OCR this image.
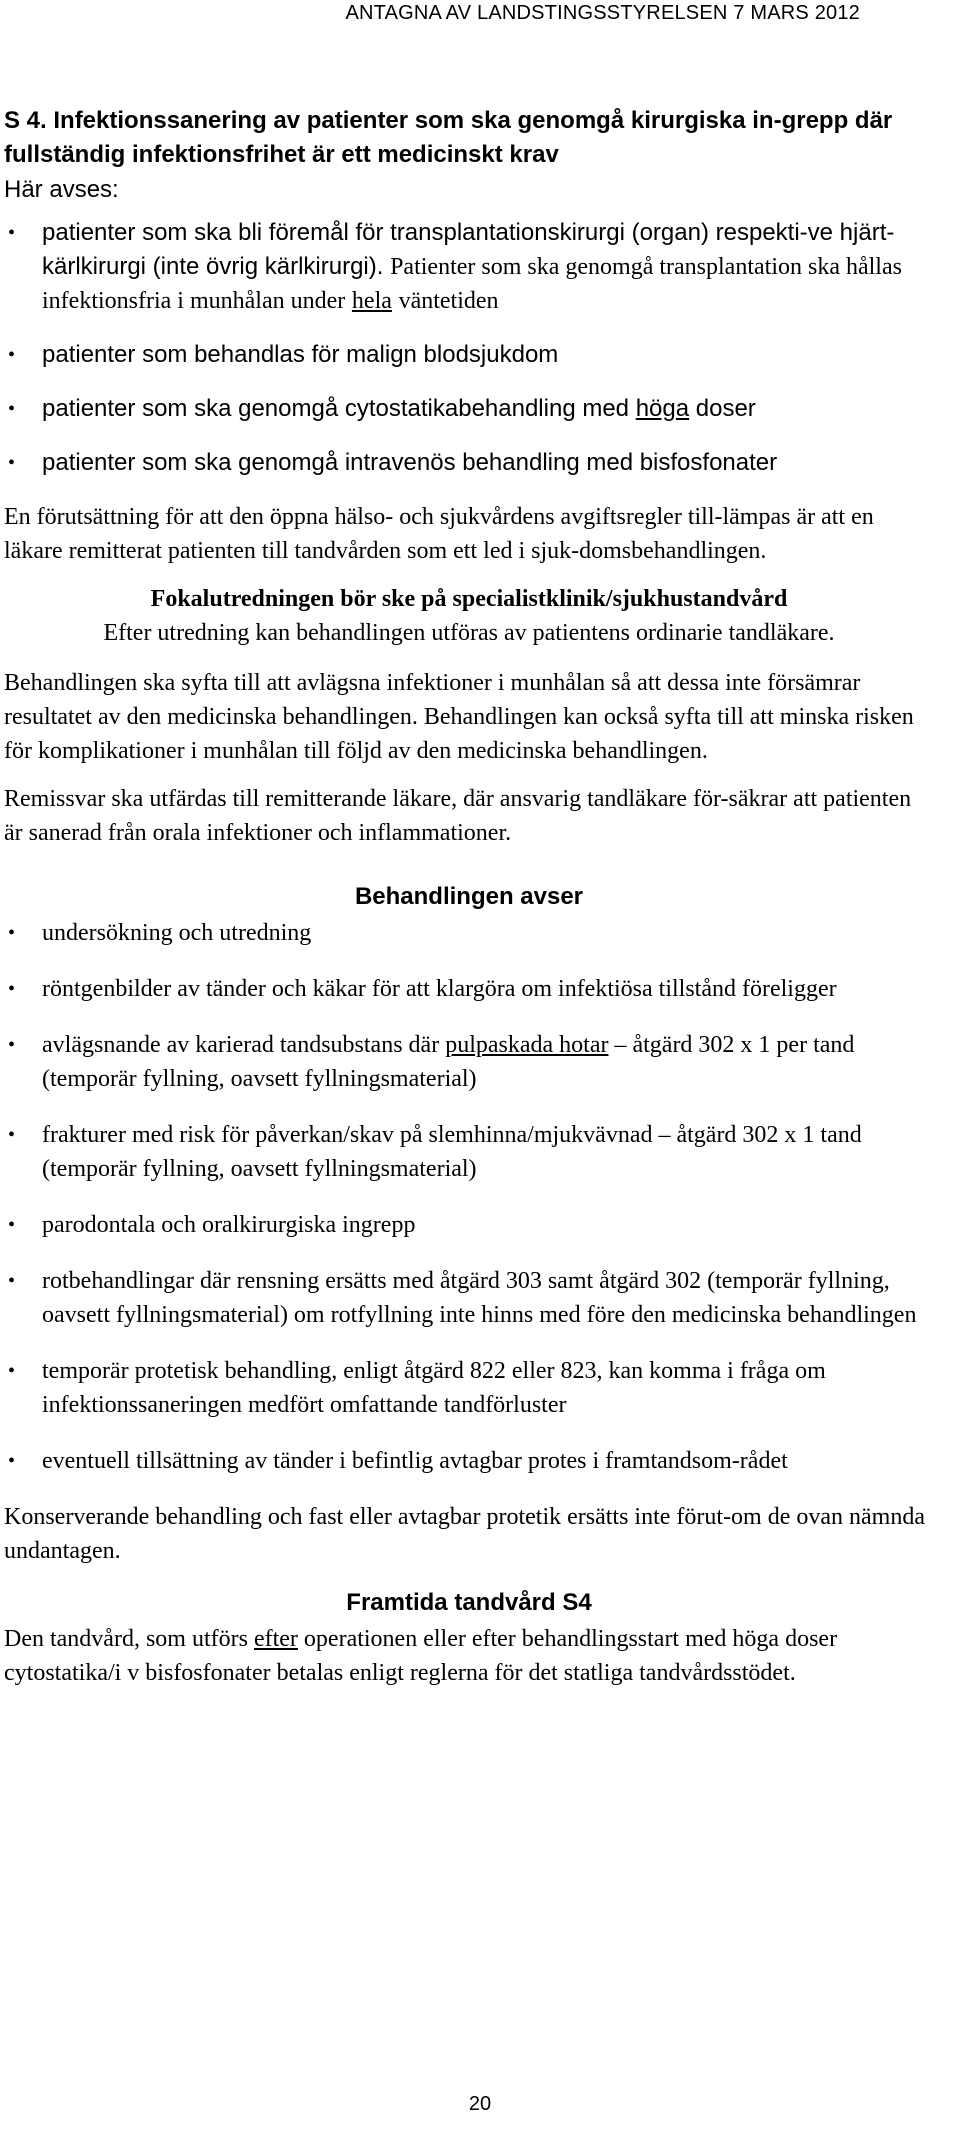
ANTAGNA AV LANDSTINGSSTYRELSEN 7 MARS 2012
S 4. Infektionssanering av patienter som ska genomgå kirurgiska in-grepp där fullständig infektionsfrihet är ett medicinskt krav

Här avses:

• patienter som ska bli föremål för transplantationskirurgi (organ) respekti-ve hjärt-kärlkirurgi (inte övrig kärlkirurgi). Patienter som ska genomgå transplantation ska hållas infektionsfria i munhålan under hela väntetiden
• patienter som behandlas för malign blodsjukdom
• patienter som ska genomgå cytostatikabehandling med höga doser
• patienter som ska genomgå intravenös behandling med bisfosfonater

En förutsättning för att den öppna hälso- och sjukvårdens avgiftsregler till-lämpas är att en läkare remitterat patienten till tandvården som ett led i sjuk-domsbehandlingen.

Fokalutredningen bör ske på specialistklinik/sjukhustandvård

Efter utredning kan behandlingen utföras av patientens ordinarie tandläkare.

Behandlingen ska syfta till att avlägsna infektioner i munhålan så att dessa inte försämrar resultatet av den medicinska behandlingen. Behandlingen kan också syfta till att minska risken för komplikationer i munhålan till följd av den medicinska behandlingen.

Remissvar ska utfärdas till remitterande läkare, där ansvarig tandläkare för-säkrar att patienten är sanerad från orala infektioner och inflammationer.

Behandlingen avser

• undersökning och utredning
• röntgenbilder av tänder och käkar för att klargöra om infektiösa tillstånd föreligger
• avlägsnande av karierad tandsubstans där pulpaskada hotar – åtgärd 302 x 1 per tand (temporär fyllning, oavsett fyllningsmaterial)
• frakturer med risk för påverkan/skav på slemhinna/mjukvävnad – åtgärd 302 x 1 tand (temporär fyllning, oavsett fyllningsmaterial)
• parodontala och oralkirurgiska ingrepp
• rotbehandlingar där rensning ersätts med åtgärd 303 samt åtgärd 302 (temporär fyllning, oavsett fyllningsmaterial) om rotfyllning inte hinns med före den medicinska behandlingen
• temporär protetisk behandling, enligt åtgärd 822 eller 823, kan komma i fråga om infektionssaneringen medfört omfattande tandförluster
• eventuell tillsättning av tänder i befintlig avtagbar protes i framtandsom-rådet

Konserverande behandling och fast eller avtagbar protetik ersätts inte förut-om de ovan nämnda undantagen.

Framtida tandvård S4

Den tandvård, som utförs efter operationen eller efter behandlingsstart med höga doser cytostatika/i v bisfosfonater betalas enligt reglerna för det statliga tandvårdsstödet.

20
